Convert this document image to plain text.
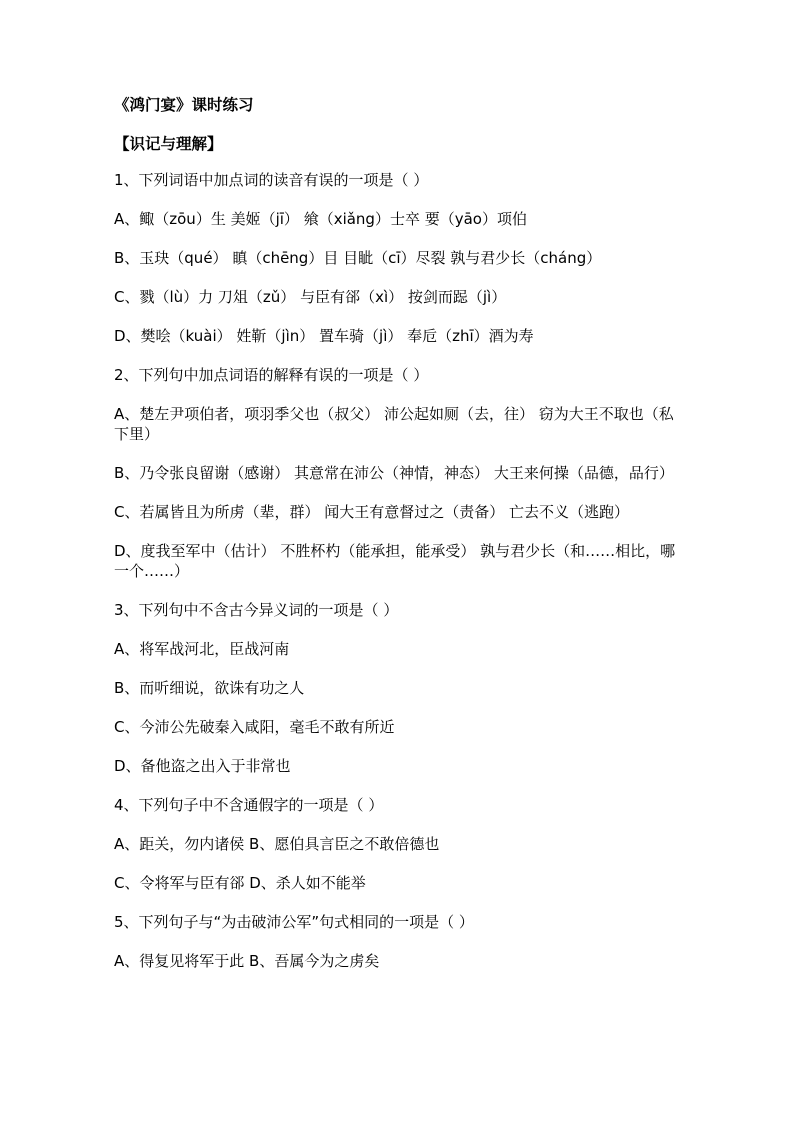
《鸿门宴》课时练习
【识记与理解】
1、下列词语中加点词的读音有误的一项是（ ）
A、鲰（zōu）生 美姬（jī） 飨（xiǎng）士卒 要（yāo）项伯
B、玉玦（qué） 瞋（chēng）目 目眦（cī）尽裂 孰与君少长（cháng）
C、戮（lù）力 刀俎（zǔ） 与臣有郤（xì） 按剑而跽（jì）
D、樊哙（kuài） 姓靳（jìn） 置车骑（jì） 奉卮（zhī）酒为寿
2、下列句中加点词语的解释有误的一项是（ ）
A、楚左尹项伯者，项羽季父也（叔父） 沛公起如厕（去，往） 窃为大王不取也（私下里）
B、乃令张良留谢（感谢） 其意常在沛公（神情，神态） 大王来何操（品德，品行）
C、若属皆且为所虏（辈，群） 闻大王有意督过之（责备） 亡去不义（逃跑）
D、度我至军中（估计） 不胜杯杓（能承担，能承受） 孰与君少长（和……相比，哪一个……）
3、下列句中不含古今异义词的一项是（ ）
A、将军战河北，臣战河南
B、而听细说，欲诛有功之人
C、今沛公先破秦入咸阳，毫毛不敢有所近
D、备他盗之出入于非常也
4、下列句子中不含通假字的一项是（ ）
A、距关，勿内诸侯 B、愿伯具言臣之不敢倍德也
C、令将军与臣有郤 D、杀人如不能举
5、下列句子与“为击破沛公军”句式相同的一项是（ ）
A、得复见将军于此 B、吾属今为之虏矣
